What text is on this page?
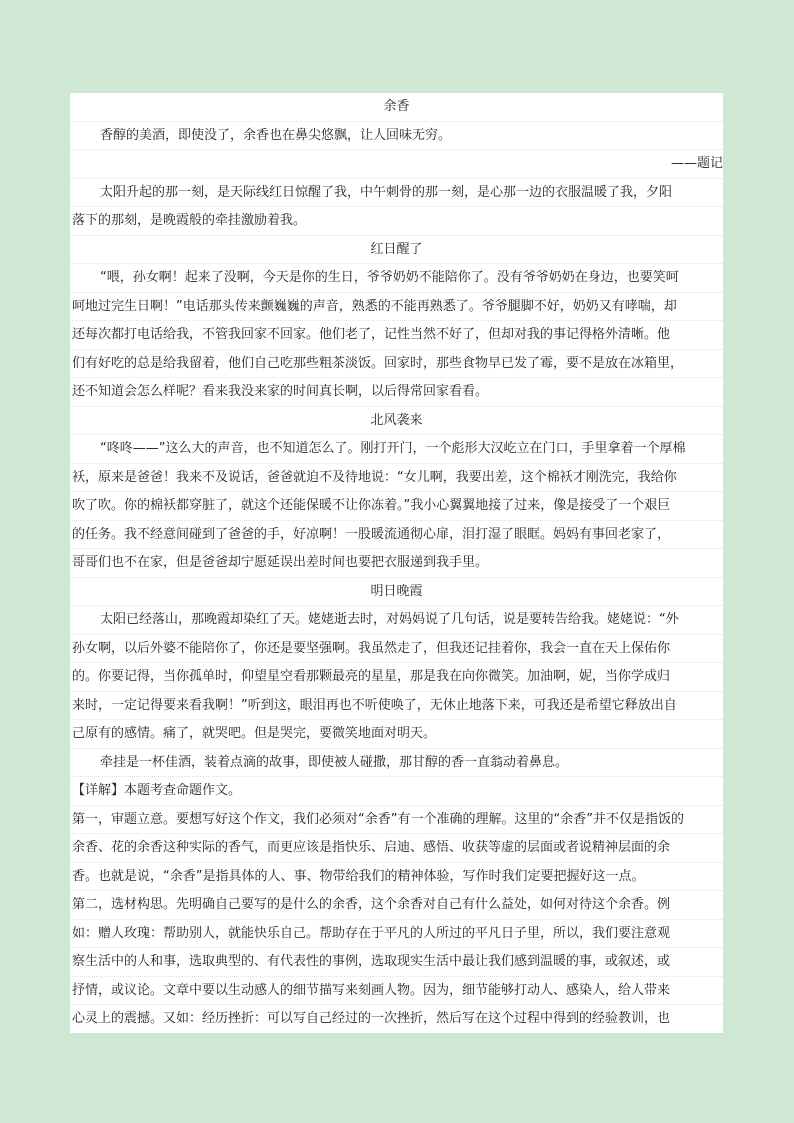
余香
香醇的美酒，即使没了，余香也在鼻尖悠飘，让人回味无穷。
——题记
太阳升起的那一刻，是天际线红日惊醒了我，中午刺骨的那一刻，是心那一边的衣服温暖了我，夕阳
落下的那刻，是晚霞般的牵挂激励着我。
红日醒了
“喂，孙女啊！起来了没啊，今天是你的生日，爷爷奶奶不能陪你了。没有爷爷奶奶在身边，也要笑呵
呵地过完生日啊！”电话那头传来颤巍巍的声音，熟悉的不能再熟悉了。爷爷腿脚不好，奶奶又有哮喘，却
还每次都打电话给我，不管我回家不回家。他们老了，记性当然不好了，但却对我的事记得格外清晰。他
们有好吃的总是给我留着，他们自己吃那些粗茶淡饭。回家时，那些食物早已发了霉，要不是放在冰箱里，
还不知道会怎么样呢？看来我没来家的时间真长啊，以后得常回家看看。
北风袭来
“咚咚——”这么大的声音，也不知道怎么了。刚打开门，一个彪形大汉屹立在门口，手里拿着一个厚棉
袄，原来是爸爸！我来不及说话，爸爸就迫不及待地说：“女儿啊，我要出差，这个棉袄才刚洗完，我给你
吹了吹。你的棉袄都穿脏了，就这个还能保暖不让你冻着。”我小心翼翼地接了过来，像是接受了一个艰巨
的任务。我不经意间碰到了爸爸的手，好凉啊！一股暖流通彻心扉，泪打湿了眼眶。妈妈有事回老家了，
哥哥们也不在家，但是爸爸却宁愿延误出差时间也要把衣服递到我手里。
明日晚霞
太阳已经落山，那晚霞却染红了天。姥姥逝去时，对妈妈说了几句话，说是要转告给我。姥姥说：“外
孙女啊，以后外婆不能陪你了，你还是要坚强啊。我虽然走了，但我还记挂着你，我会一直在天上保佑你
的。你要记得，当你孤单时，仰望星空看那颗最亮的星星，那是我在向你微笑。加油啊，妮，当你学成归
来时，一定记得要来看我啊！”听到这，眼泪再也不听使唤了，无休止地落下来，可我还是希望它释放出自
己原有的感情。痛了，就哭吧。但是哭完，要微笑地面对明天。
牵挂是一杯佳酒，装着点滴的故事，即使被人碰撒，那甘醇的香一直翁动着鼻息。
【详解】本题考查命题作文。
第一，审题立意。要想写好这个作文，我们必须对“余香”有一个准确的理解。这里的“余香”并不仅是指饭的
余香、花的余香这种实际的香气，而更应该是指快乐、启迪、感悟、收获等虚的层面或者说精神层面的余
香。也就是说，“余香”是指具体的人、事、物带给我们的精神体验，写作时我们定要把握好这一点。
第二，选材构思。先明确自己要写的是什么的余香，这个余香对自己有什么益处，如何对待这个余香。例
如：赠人玫瑰：帮助别人，就能快乐自己。帮助存在于平凡的人所过的平凡日子里，所以，我们要注意观
察生活中的人和事，选取典型的、有代表性的事例，选取现实生活中最让我们感到温暖的事，或叙述，或
抒情，或议论。文章中要以生动感人的细节描写来刻画人物。因为，细节能够打动人、感染人，给人带来
心灵上的震撼。又如：经历挫折：可以写自己经过的一次挫折，然后写在这个过程中得到的经验教训，也
